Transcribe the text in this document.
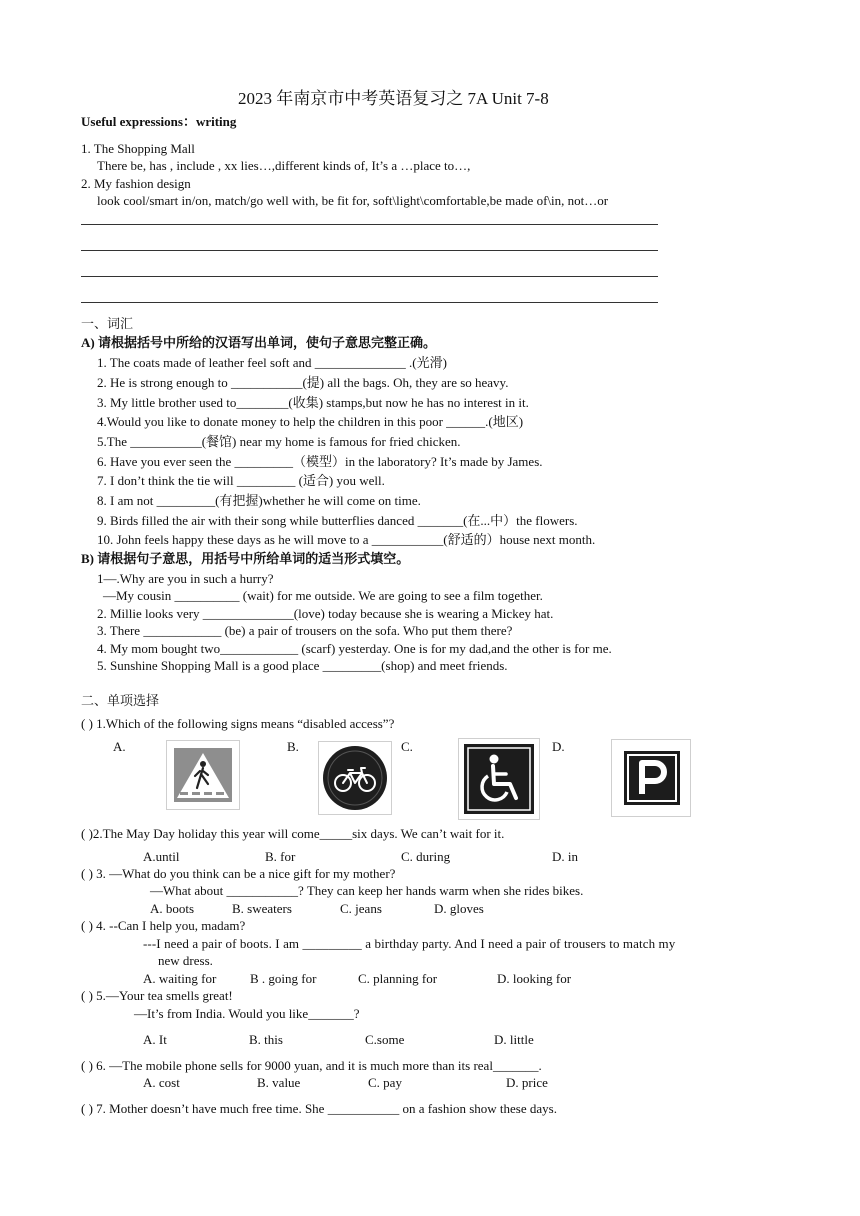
2023 年南京市中考英语复习之 7A Unit 7-8
Useful expressions：writing
1. The Shopping Mall
There be, has , include , xx lies…,different kinds of, It’s a …place to…,
2. My fashion design
look cool/smart in/on, match/go well with, be fit for, soft\light\comfortable,be made of\in, not…or
一、词汇
A) 请根据括号中所给的汉语写出单词，使句子意思完整正确。
1. The coats made of leather feel soft and ______________ .(光滑)
2. He is strong enough to ___________(提) all the bags. Oh, they are so heavy.
3. My little brother used to________(收集) stamps,but now he has no interest in it.
4.Would you like to donate money to help the children in this poor ______.(地区)
5.The ___________(餐馆) near my home is famous for fried chicken.
6. Have you ever seen the _________（模型）in the laboratory? It’s made by James.
7. I don’t think the tie will _________ (适合) you well.
8. I am not _________(有把握)whether he will come on time.
9. Birds filled the air with their song while butterflies danced _______(在...中）the flowers.
10. John feels happy these days as he will move to a ___________(舒适的）house next month.
B) 请根据句子意思，用括号中所给单词的适当形式填空。
1—.Why are you in such a hurry?
—My cousin __________ (wait) for me outside. We are going to see a film together.
2. Millie looks very ______________(love) today because she is wearing a Mickey hat.
3. There ____________ (be) a pair of trousers on the sofa. Who put them there?
4. My mom bought two____________ (scarf) yesterday. One is for my dad,and the other is for me.
5. Sunshine Shopping Mall is a good place _________(shop) and meet friends.
二、单项选择
( ) 1.Which of the following signs means “disabled access”?
A.	B.	C.	D.
( )2.The May Day holiday this year will come_____six days. We can’t wait for it.
A.until	B. for	C. during	D. in
( ) 3. —What do you think can be a nice gift for my mother?
—What about ___________? They can keep her hands warm when she rides bikes.
A. boots	B. sweaters	C. jeans	D. gloves
( ) 4. --Can I help you, madam?
---I need a pair of boots. I am _________ a birthday party. And I need a pair of trousers to match my
new dress.
A. waiting for	B . going for	C. planning for	D. looking for
( ) 5.—Your tea smells great!
—It’s from India. Would you like_______?
A. It	B. this	C.some	D. little
( ) 6. —The mobile phone sells for 9000 yuan, and it is much more than its real_______.
A. cost	B. value	C. pay	D. price
( ) 7. Mother doesn’t have much free time. She ___________ on a fashion show these days.
